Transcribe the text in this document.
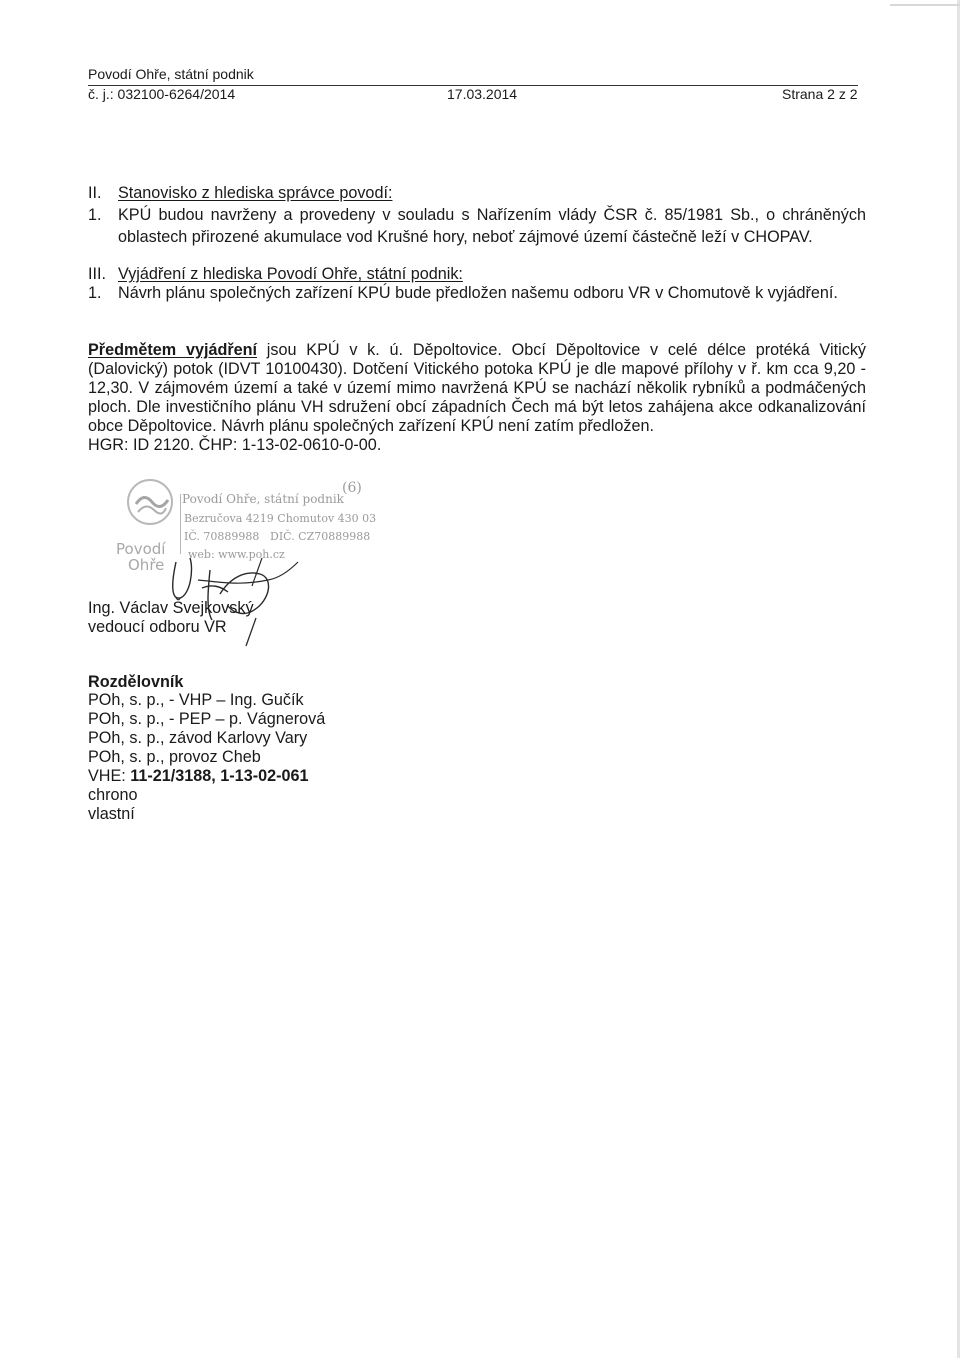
Povodí Ohře, státní podnik
č. j.: 032100-6264/2014	17.03.2014	Strana 2 z 2
II. Stanovisko z hlediska správce povodí:
1. KPÚ budou navrženy a provedeny v souladu s Nařízením vlády ČSR č. 85/1981 Sb., o chráněných
oblastech přirozené akumulace vod Krušné hory, neboť zájmové území částečně leží v CHOPAV.
III. Vyjádření z hlediska Povodí Ohře, státní podnik:
1. Návrh plánu společných zařízení KPÚ bude předložen našemu odboru VR v Chomutově k vyjádření.
Předmětem vyjádření jsou KPÚ v k. ú. Děpoltovice. Obcí Děpoltovice v celé délce protéká Vitický
(Dalovický) potok (IDVT 10100430). Dotčení Vitického potoka KPÚ je dle mapové přílohy v ř. km cca 9,20 -
12,30. V zájmovém území a také v území mimo navržená KPÚ se nachází několik rybníků a podmáčených
ploch. Dle investičního plánu VH sdružení obcí západních Čech má být letos zahájena akce odkanalizování
obce Děpoltovice. Návrh plánu společných zařízení KPÚ není zatím předložen.
HGR: ID 2120. ČHP: 1-13-02-0610-0-00.
Povodí
Ohře
Povodí Ohře, státní podnik
(6)
Bezručova 4219 Chomutov 430 03
IČ. 70889988 DIČ. CZ70889988
web: www.poh.cz
Ing. Václav Švejkovský
vedoucí odboru VR
Rozdělovník
POh, s. p., - VHP – Ing. Gučík
POh, s. p., - PEP – p. Vágnerová
POh, s. p., závod Karlovy Vary
POh, s. p., provoz Cheb
VHE: 11-21/3188, 1-13-02-061
chrono
vlastní
